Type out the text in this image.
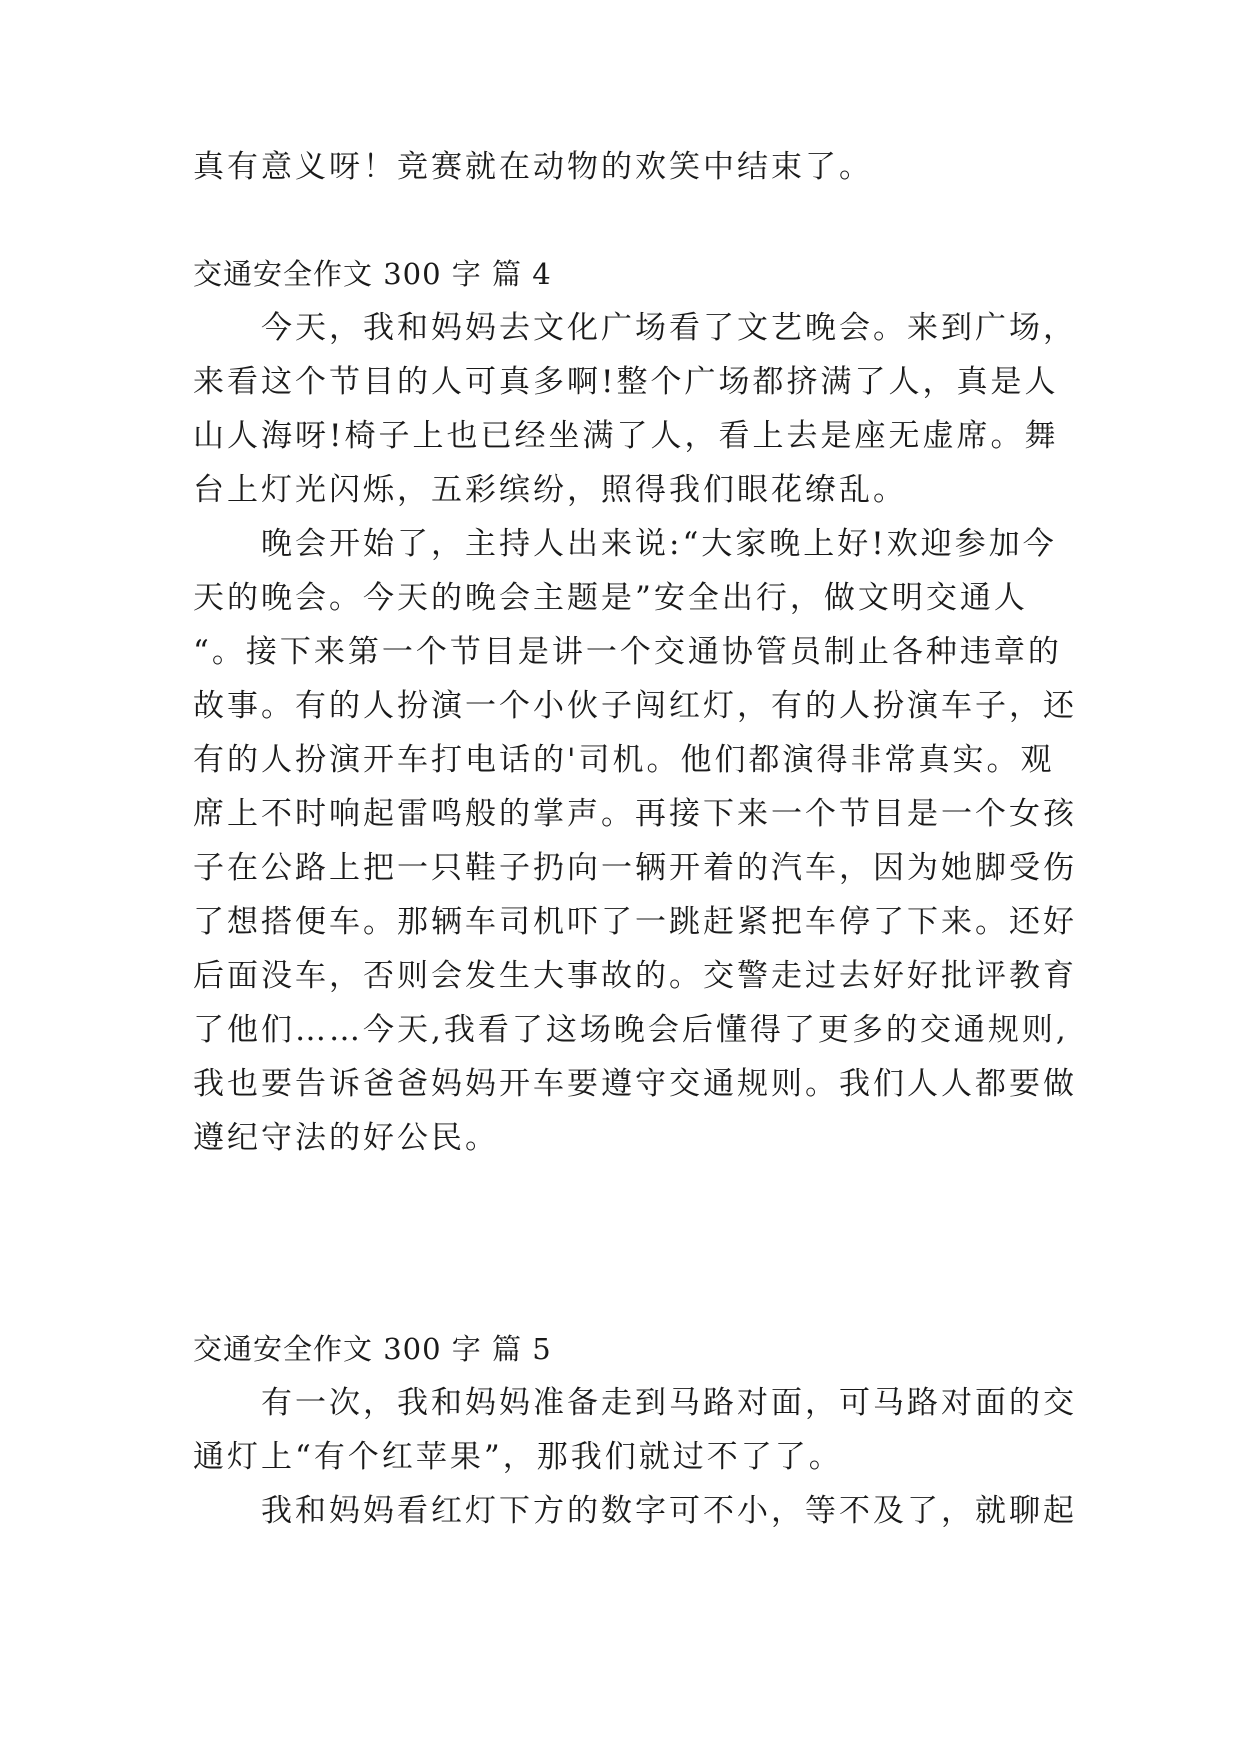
真有意义呀！竞赛就在动物的欢笑中结束了。
交通安全作文 300 字 篇 4
　　今天，我和妈妈去文化广场看了文艺晚会。来到广场，
来看这个节目的人可真多啊!整个广场都挤满了人，真是人
山人海呀!椅子上也已经坐满了人，看上去是座无虚席。舞
台上灯光闪烁，五彩缤纷，照得我们眼花缭乱。
　　晚会开始了，主持人出来说:“大家晚上好!欢迎参加今
天的晚会。今天的晚会主题是”安全出行，做文明交通人
“。接下来第一个节目是讲一个交通协管员制止各种违章的
故事。有的人扮演一个小伙子闯红灯，有的人扮演车子，还
有的人扮演开车打电话的'司机。他们都演得非常真实。观
席上不时响起雷鸣般的掌声。再接下来一个节目是一个女孩
子在公路上把一只鞋子扔向一辆开着的汽车，因为她脚受伤
了想搭便车。那辆车司机吓了一跳赶紧把车停了下来。还好
后面没车，否则会发生大事故的。交警走过去好好批评教育
了他们……今天,我看了这场晚会后懂得了更多的交通规则,
我也要告诉爸爸妈妈开车要遵守交通规则。我们人人都要做
遵纪守法的好公民。
交通安全作文 300 字 篇 5
　　有一次，我和妈妈准备走到马路对面，可马路对面的交
通灯上“有个红苹果”，那我们就过不了了。
　　我和妈妈看红灯下方的数字可不小，等不及了，就聊起
